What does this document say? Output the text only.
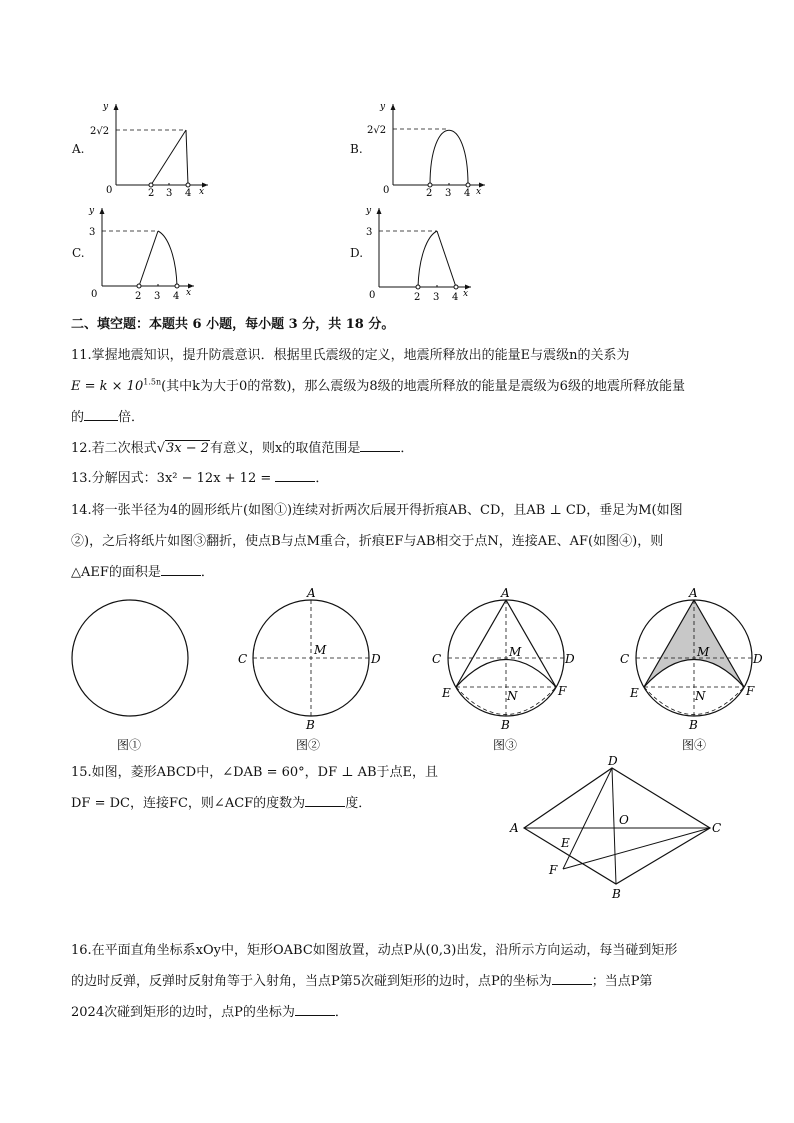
A.
y
x
0
2√2
2 3 4
B.
y
x
0
2√2
2 3 4
C.
y
x
0
3
2 3 4
D.
y
x
0
3
2 3 4
二、填空题：本题共 6 小题，每小题 3 分，共 18 分。
11.掌握地震知识，提升防震意识．根据里氏震级的定义，地震所释放出的能量E与震级n的关系为
$E = k \times 10^{1.5n}$(其中k为大于0的常数)，那么震级为8级的地震所释放的能量是震级为6级的地震所释放能量
的	倍．
12.若二次根式√3x − 2有意义，则x的取值范围是	．
13.分解因式：3x² − 12x + 12 =	．
14.将一张半径为4的圆形纸片(如图①)连续对折两次后展开得折痕AB、CD，且AB ⊥ CD，垂足为M(如图
②)，之后将纸片如图③翻折，使点B与点M重合，折痕EF与AB相交于点N，连接AE、AF(如图④)，则
△AEF的面积是	．
A
B
C	D
M
A
B
C	D
M
E	F
N
A
B
C	D
M
E	F
N
图①	图②	图③	图④
15.如图，菱形ABCD中，∠DAB = 60°，DF ⊥ AB于点E，且
DF = DC，连接FC，则∠ACF的度数为	度．
D
A	C
B
O
E
F
16.在平面直角坐标系xOy中，矩形OABC如图放置，动点P从(0,3)出发，沿所示方向运动，每当碰到矩形
的边时反弹，反弹时反射角等于入射角，当点P第5次碰到矩形的边时，点P的坐标为	；当点P第
2024次碰到矩形的边时，点P的坐标为	．
